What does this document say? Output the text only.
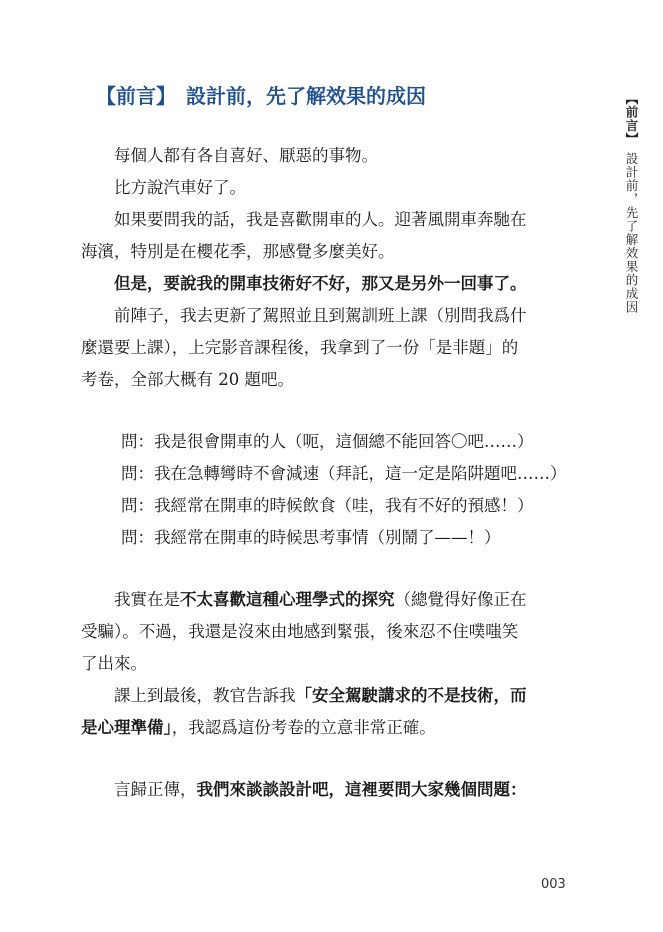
【前言】 設計前，先了解效果的成因	【前言】設計前，先了解效果的成因

每個人都有各自喜好、厭惡的事物。

比方說汽車好了。

如果要問我的話，我是喜歡開車的人。迎著風開車奔馳在

海濱，特別是在櫻花季，那感覺多麼美好。

但是，要說我的開車技術好不好，那又是另外一回事了。

前陣子，我去更新了駕照並且到駕訓班上課（別問我爲什

麼還要上課），上完影音課程後，我拿到了一份「是非題」的

考卷，全部大概有 20 題吧。

問：我是很會開車的人（呃，這個總不能回答〇吧……）

問：我在急轉彎時不會減速（拜託，這一定是陷阱題吧……）

問：我經常在開車的時候飲食（哇，我有不好的預感！）

問：我經常在開車的時候思考事情（別鬧了——！）

我實在是不太喜歡這種心理學式的探究（總覺得好像正在

受騙）。不過，我還是沒來由地感到緊張，後來忍不住噗嗤笑

了出來。

課上到最後，教官告訴我「安全駕駛講求的不是技術，而

是心理準備」，我認爲這份考卷的立意非常正確。

言歸正傳，我們來談談設計吧，這裡要問大家幾個問題：

003
